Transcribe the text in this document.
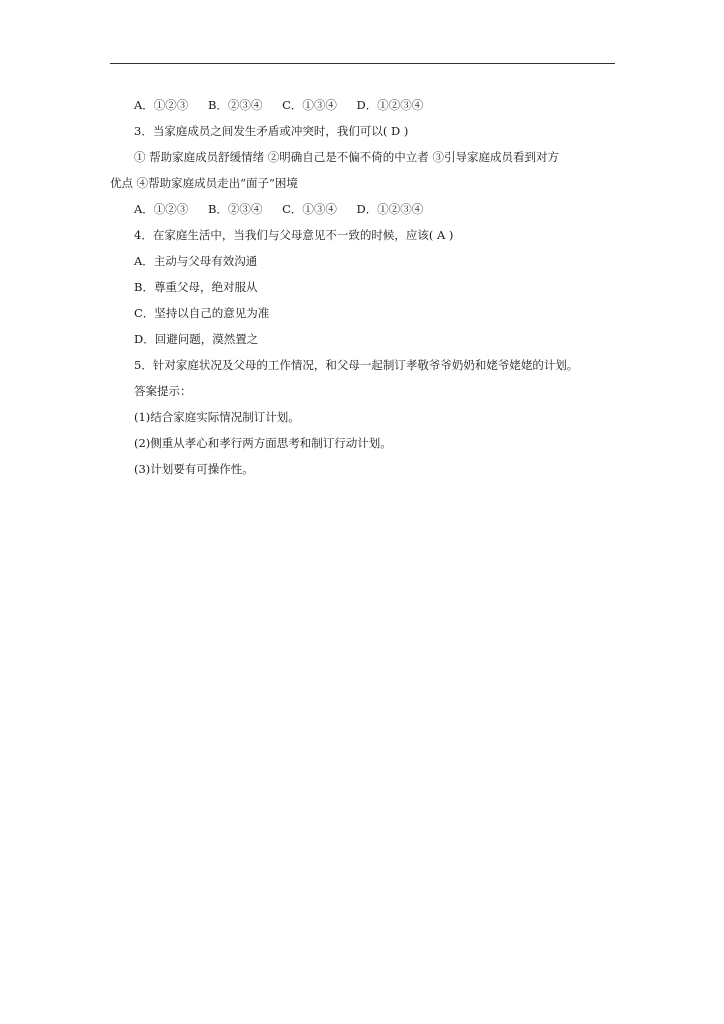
A．①②③ B．②③④ C．①③④ D．①②③④
3．当家庭成员之间发生矛盾或冲突时，我们可以( D )
① 帮助家庭成员舒缓情绪 ②明确自己是不偏不倚的中立者 ③引导家庭成员看到对方
优点 ④帮助家庭成员走出“面子”困境
A．①②③ B．②③④ C．①③④ D．①②③④
4．在家庭生活中，当我们与父母意见不一致的时候，应该( A )
A．主动与父母有效沟通
B．尊重父母，绝对服从
C．坚持以自己的意见为准
D．回避问题，漠然置之
5．针对家庭状况及父母的工作情况，和父母一起制订孝敬爷爷奶奶和姥爷姥姥的计划。
答案提示：
(1)结合家庭实际情况制订计划。
(2)侧重从孝心和孝行两方面思考和制订行动计划。
(3)计划要有可操作性。
